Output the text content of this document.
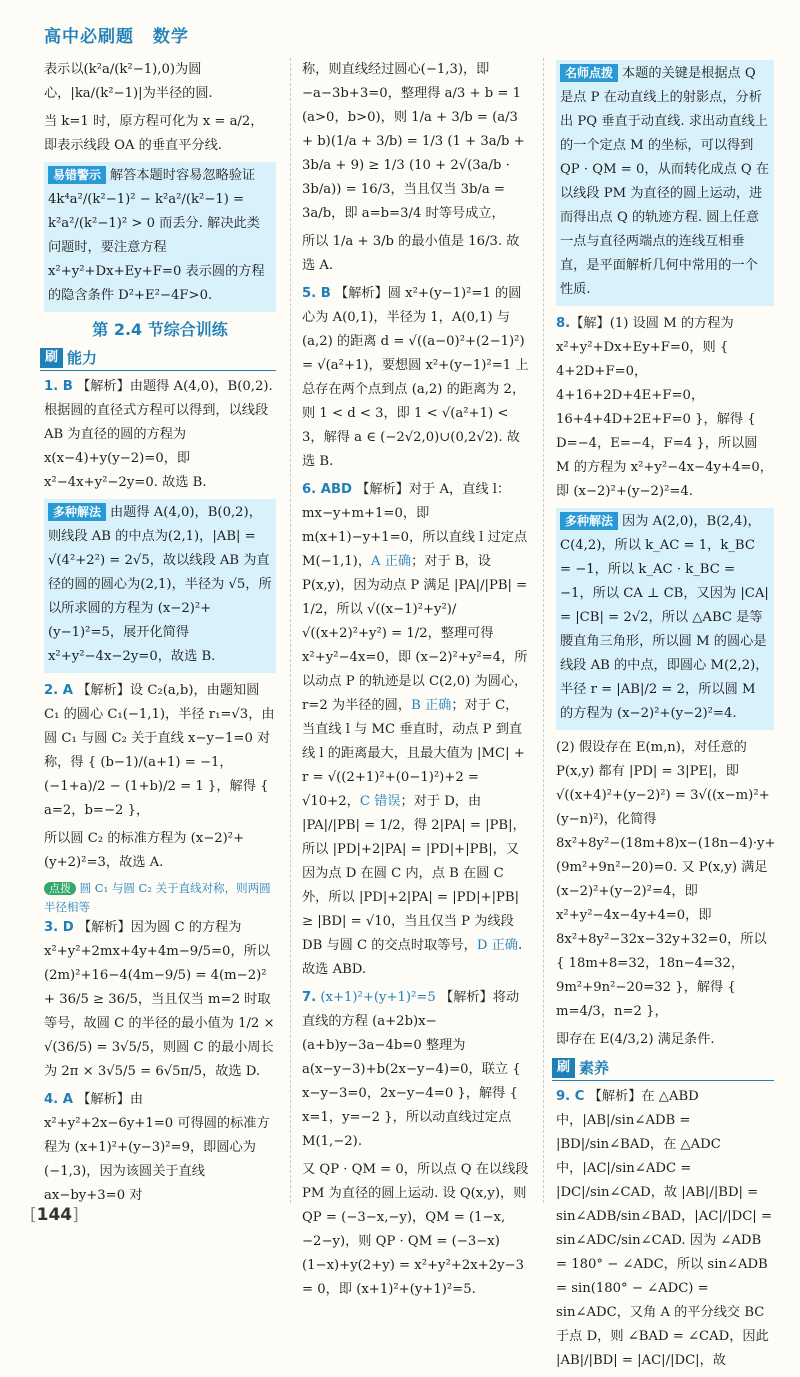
高中必刷题 数学

表示以(k²a/(k²−1),0)为圆心，|ka/(k²−1)|为半径的圆.

当 k=1 时，原方程可化为 x = a/2，即表示线段 OA 的垂直平分线.

易错警示 解答本题时容易忽略验证 4k⁴a²/(k²−1)² − k²a²/(k²−1) = k²a²/(k²−1)² > 0 而丢分. 解决此类问题时，要注意方程 x²+y²+Dx+Ey+F=0 表示圆的方程的隐含条件 D²+E²−4F>0.
第 2.4 节综合训练
刷 能力

1. B 【解析】由题得 A(4,0)，B(0,2). 根据圆的直径式方程可以得到，以线段 AB 为直径的圆的方程为 x(x−4)+y(y−2)=0，即 x²−4x+y²−2y=0. 故选 B.

多种解法 由题得 A(4,0)，B(0,2)，则线段 AB 的中点为(2,1)，|AB| = √(4²+2²) = 2√5，故以线段 AB 为直径的圆的圆心为(2,1)，半径为 √5，所以所求圆的方程为 (x−2)²+(y−1)²=5，展开化简得 x²+y²−4x−2y=0，故选 B.

2. A 【解析】设 C₂(a,b)，由题知圆 C₁ 的圆心 C₁(−1,1)，半径 r₁=√3，由圆 C₁ 与圆 C₂ 关于直线 x−y−1=0 对称，得 { (b−1)/(a+1) = −1，(−1+a)/2 − (1+b)/2 = 1 }，解得 { a=2，b=−2 }，

所以圆 C₂ 的标准方程为 (x−2)²+(y+2)²=3，故选 A.

点拨 圆 C₁ 与圆 C₂ 关于直线对称，则两圆半径相等

3. D 【解析】因为圆 C 的方程为 x²+y²+2mx+4y+4m−9/5=0，所以 (2m)²+16−4(4m−9/5) = 4(m−2)² + 36/5 ≥ 36/5，当且仅当 m=2 时取等号，故圆 C 的半径的最小值为 1/2 × √(36/5) = 3√5/5，则圆 C 的最小周长为 2π × 3√5/5 = 6√5π/5，故选 D.

4. A 【解析】由 x²+y²+2x−6y+1=0 可得圆的标准方程为 (x+1)²+(y−3)²=9，即圆心为(−1,3)，因为该圆关于直线 ax−by+3=0 对

称，则直线经过圆心(−1,3)，即 −a−3b+3=0，整理得 a/3 + b = 1 (a>0，b>0)，则 1/a + 3/b = (a/3 + b)(1/a + 3/b) = 1/3 (1 + 3a/b + 3b/a + 9) ≥ 1/3 (10 + 2√(3a/b · 3b/a)) = 16/3，当且仅当 3b/a = 3a/b，即 a=b=3/4 时等号成立，

所以 1/a + 3/b 的最小值是 16/3. 故选 A.

5. B 【解析】圆 x²+(y−1)²=1 的圆心为 A(0,1)，半径为 1，A(0,1) 与 (a,2) 的距离 d = √((a−0)²+(2−1)²) = √(a²+1)，要想圆 x²+(y−1)²=1 上总存在两个点到点 (a,2) 的距离为 2，则 1 < d < 3，即 1 < √(a²+1) < 3，解得 a ∈ (−2√2,0)∪(0,2√2). 故选 B.

6. ABD 【解析】对于 A，直线 l：mx−y+m+1=0，即 m(x+1)−y+1=0，所以直线 l 过定点 M(−1,1)，A 正确；对于 B，设 P(x,y)，因为动点 P 满足 |PA|/|PB| = 1/2，所以 √((x−1)²+y²)/√((x+2)²+y²) = 1/2，整理可得 x²+y²−4x=0，即 (x−2)²+y²=4，所以动点 P 的轨迹是以 C(2,0) 为圆心，r=2 为半径的圆，B 正确；对于 C，当直线 l 与 MC 垂直时，动点 P 到直线 l 的距离最大，且最大值为 |MC| + r = √((2+1)²+(0−1)²)+2 = √10+2，C 错误；对于 D，由 |PA|/|PB| = 1/2，得 2|PA| = |PB|，所以 |PD|+2|PA| = |PD|+|PB|，又因为点 D 在圆 C 内，点 B 在圆 C 外，所以 |PD|+2|PA| = |PD|+|PB| ≥ |BD| = √10，当且仅当 P 为线段 DB 与圆 C 的交点时取等号，D 正确. 故选 ABD.

7. (x+1)²+(y+1)²=5 【解析】将动直线的方程 (a+2b)x−(a+b)y−3a−4b=0 整理为 a(x−y−3)+b(2x−y−4)=0，联立 { x−y−3=0，2x−y−4=0 }，解得 { x=1，y=−2 }，所以动直线过定点 M(1,−2).

又 QP · QM = 0，所以点 Q 在以线段 PM 为直径的圆上运动. 设 Q(x,y)，则 QP = (−3−x,−y)，QM = (1−x,−2−y)，则 QP · QM = (−3−x)(1−x)+y(2+y) = x²+y²+2x+2y−3 = 0，即 (x+1)²+(y+1)²=5.

名师点拨 本题的关键是根据点 Q 是点 P 在动直线上的射影点，分析出 PQ 垂直于动直线. 求出动直线上的一个定点 M 的坐标，可以得到 QP · QM = 0，从而转化成点 Q 在以线段 PM 为直径的圆上运动，进而得出点 Q 的轨迹方程. 圆上任意一点与直径两端点的连线互相垂直，是平面解析几何中常用的一个性质.

8.【解】(1) 设圆 M 的方程为 x²+y²+Dx+Ey+F=0，则 { 4+2D+F=0，4+16+2D+4E+F=0，16+4+4D+2E+F=0 }，解得 { D=−4，E=−4，F=4 }，所以圆 M 的方程为 x²+y²−4x−4y+4=0，即 (x−2)²+(y−2)²=4.

多种解法 因为 A(2,0)，B(2,4)，C(4,2)，所以 k_AC = 1，k_BC = −1，所以 k_AC · k_BC = −1，所以 CA ⊥ CB，又因为 |CA| = |CB| = 2√2，所以 △ABC 是等腰直角三角形，所以圆 M 的圆心是线段 AB 的中点，即圆心 M(2,2)，半径 r = |AB|/2 = 2，所以圆 M 的方程为 (x−2)²+(y−2)²=4.

(2) 假设存在 E(m,n)，对任意的 P(x,y) 都有 |PD| = 3|PE|，即 √((x+4)²+(y−2)²) = 3√((x−m)²+(y−n)²)，化简得 8x²+8y²−(18m+8)x−(18n−4)·y+(9m²+9n²−20)=0. 又 P(x,y) 满足 (x−2)²+(y−2)²=4，即 x²+y²−4x−4y+4=0，即 8x²+8y²−32x−32y+32=0，所以 { 18m+8=32，18n−4=32，9m²+9n²−20=32 }，解得 { m=4/3，n=2 }，

即存在 E(4/3,2) 满足条件.

刷 素养

9. C 【解析】在 △ABD 中，|AB|/sin∠ADB = |BD|/sin∠BAD，在 △ADC 中，|AC|/sin∠ADC = |DC|/sin∠CAD，故 |AB|/|BD| = sin∠ADB/sin∠BAD，|AC|/|DC| = sin∠ADC/sin∠CAD. 因为 ∠ADB = 180° − ∠ADC，所以 sin∠ADB = sin(180° − ∠ADC) = sin∠ADC，又角 A 的平分线交 BC 于点 D，则 ∠BAD = ∠CAD，因此 |AB|/|BD| = |AC|/|DC|，故

[144]
